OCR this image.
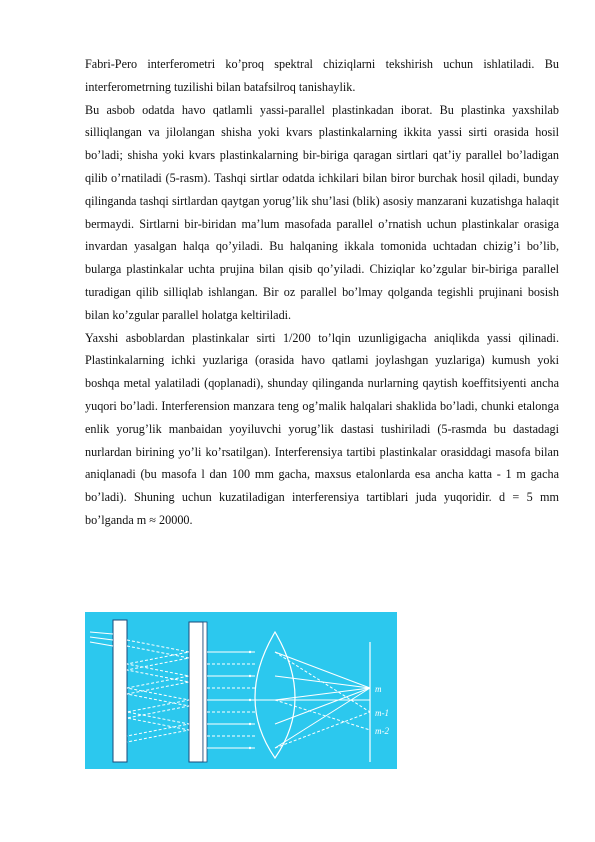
Fabri-Pero interferometri ko’proq spektral chiziqlarni tekshirish uchun ishlatiladi. Bu interferometrning tuzilishi bilan batafsilroq tanishaylik.

Bu asbob odatda havo qatlamli yassi-parallel plastinkadan iborat. Bu plastinka yaxshilab silliqlangan va jilolangan shisha yoki kvars plastinkalarning ikkita yassi sirti orasida hosil bo’ladi; shisha yoki kvars plastinkalarning bir-biriga qaragan sirtlari qat’iy parallel bo’ladigan qilib o’rnatiladi (5-rasm). Tashqi sirtlar odatda ichkilari bilan biror burchak hosil qiladi, bunday qilinganda tashqi sirtlardan qaytgan yorug’lik shu’lasi (blik) asosiy manzarani kuzatishga halaqit bermaydi. Sirtlarni bir-biridan ma’lum masofada parallel o’rnatish uchun plastinkalar orasiga invardan yasalgan halqa qo’yiladi. Bu halqaning ikkala tomonida uchtadan chizig’i bo’lib, bularga plastinkalar uchta prujina bilan qisib qo’yiladi. Chiziqlar ko’zgular bir-biriga parallel turadigan qilib silliqlab ishlangan. Bir oz parallel bo’lmay qolganda tegishli prujinani bosish bilan ko’zgular parallel holatga keltiriladi.

Yaxshi asboblardan plastinkalar sirti 1/200 to’lqin uzunligigacha aniqlikda yassi qilinadi. Plastinkalarning ichki yuzlariga (orasida havo qatlami joylashgan yuzlariga) kumush yoki boshqa metal yalatiladi (qoplanadi), shunday qilinganda nurlarning qaytish koeffitsiyenti ancha yuqori bo’ladi. Interferension manzara teng og’malik halqalari shaklida bo’ladi, chunki etalonga enlik yorug’lik manbaidan yoyiluvchi yorug’lik dastasi tushiriladi (5-rasmda bu dastadagi nurlardan birining yo’li ko’rsatilgan). Interferensiya tartibi plastinkalar orasiddagi masofa bilan aniqlanadi (bu masofa l dan 100 mm gacha, maxsus etalonlarda esa ancha katta - 1 m gacha bo’ladi). Shuning uchun kuzatiladigan interferensiya tartiblari juda yuqoridir. d = 5 mm bo’lganda m ≈ 20000.

m
m-1
m-2
